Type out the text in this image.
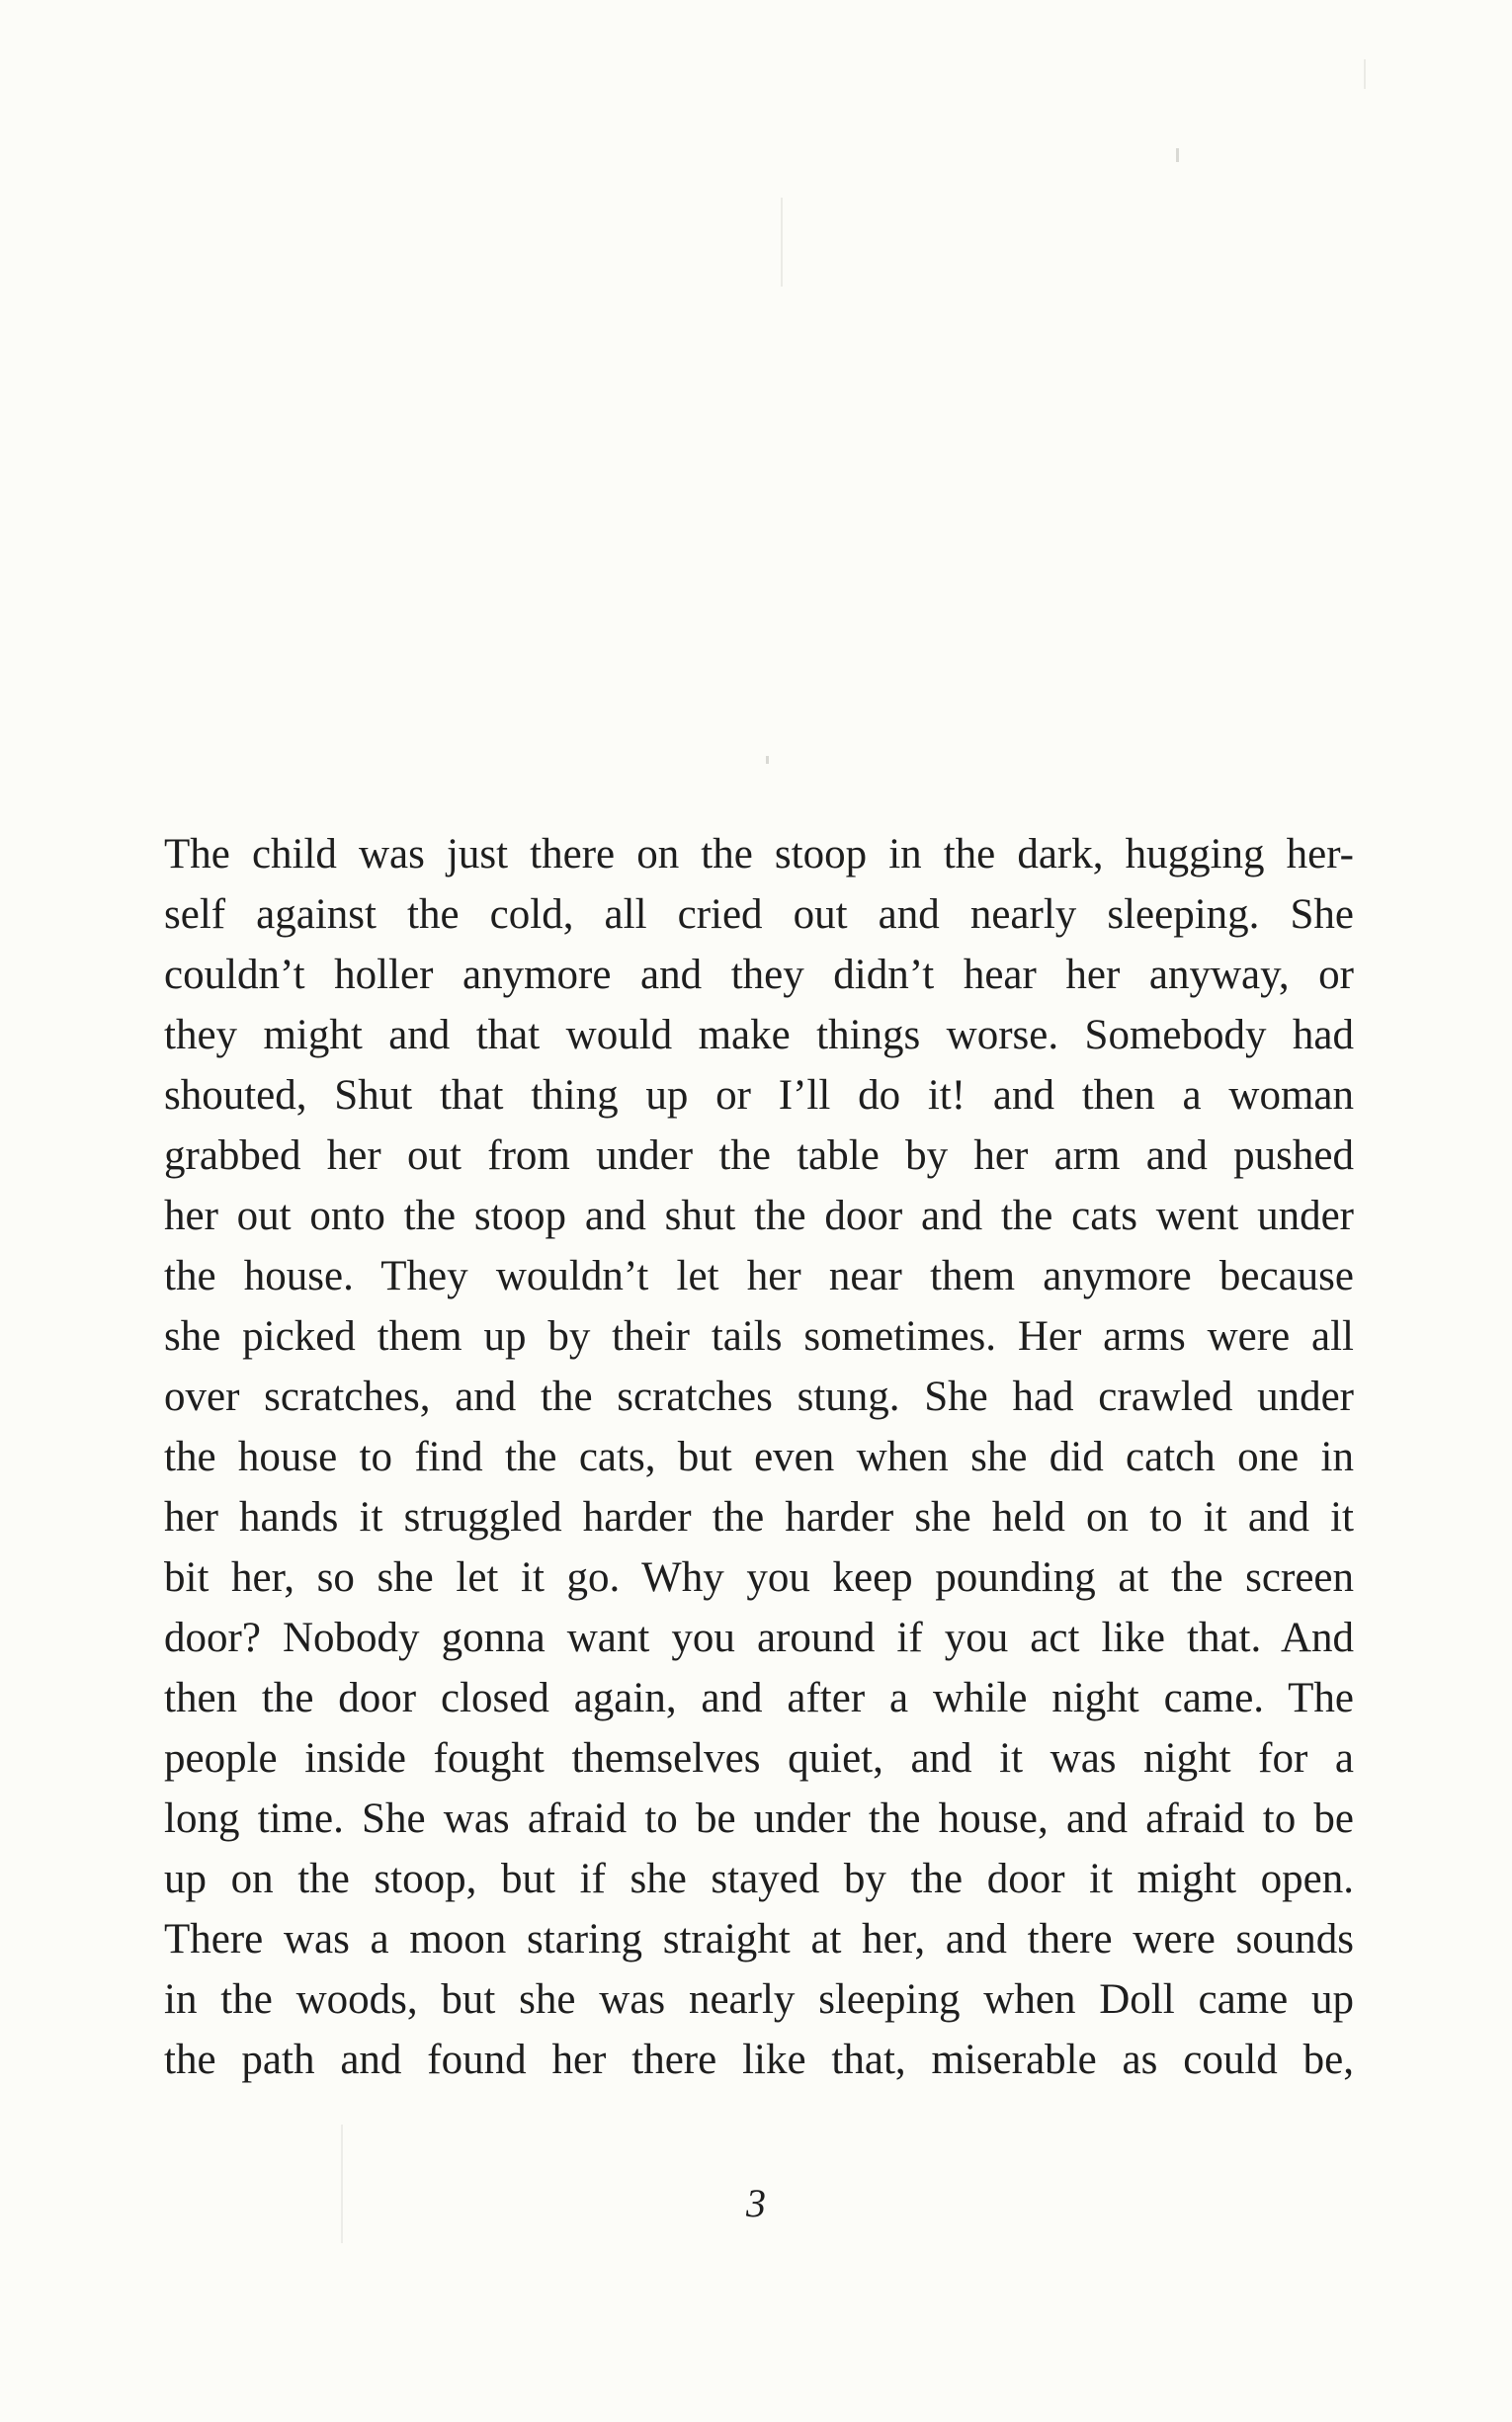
The child was just there on the stoop in the dark, hugging her-
self against the cold, all cried out and nearly sleeping. She
couldn’t holler anymore and they didn’t hear her anyway, or
they might and that would make things worse. Somebody had
shouted, Shut that thing up or I’ll do it! and then a woman
grabbed her out from under the table by her arm and pushed
her out onto the stoop and shut the door and the cats went under
the house. They wouldn’t let her near them anymore because
she picked them up by their tails sometimes. Her arms were all
over scratches, and the scratches stung. She had crawled under
the house to find the cats, but even when she did catch one in
her hands it struggled harder the harder she held on to it and it
bit her, so she let it go. Why you keep pounding at the screen
door? Nobody gonna want you around if you act like that. And
then the door closed again, and after a while night came. The
people inside fought themselves quiet, and it was night for a
long time. She was afraid to be under the house, and afraid to be
up on the stoop, but if she stayed by the door it might open.
There was a moon staring straight at her, and there were sounds
in the woods, but she was nearly sleeping when Doll came up
the path and found her there like that, miserable as could be,
3
